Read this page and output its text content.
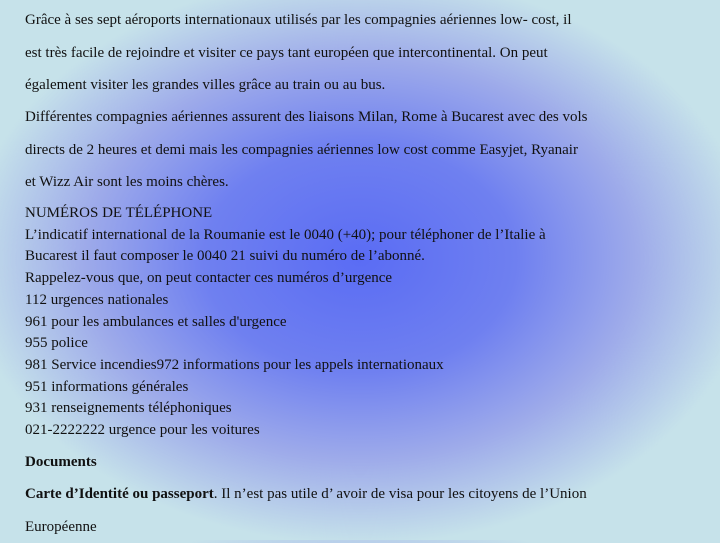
Grâce à ses sept aéroports internationaux utilisés par les compagnies aériennes low- cost, il
est très facile de rejoindre et visiter ce pays tant européen que intercontinental. On peut
également visiter les grandes villes grâce au train ou au bus.
Différentes compagnies aériennes assurent des liaisons Milan, Rome à Bucarest avec des vols
directs de 2 heures et demi mais les compagnies aériennes low cost comme Easyjet, Ryanair
et Wizz Air sont les moins chères.
NUMÉROS DE TÉLÉPHONE
L’indicatif international de la Roumanie est le 0040 (+40); pour téléphoner de l’Italie à
Bucarest il faut composer le 0040 21 suivi du numéro de l’abonné.
Rappelez-vous que, on peut contacter ces numéros d’urgence
112 urgences nationales
961 pour les ambulances et salles d'urgence
955 police
981 Service incendies972 informations pour les appels internationaux
951 informations générales
931 renseignements téléphoniques
021-2222222 urgence pour les voitures
Documents
Carte d’Identité ou passeport. Il n’est pas utile d’ avoir de visa pour les citoyens de l’Union
Européenne
